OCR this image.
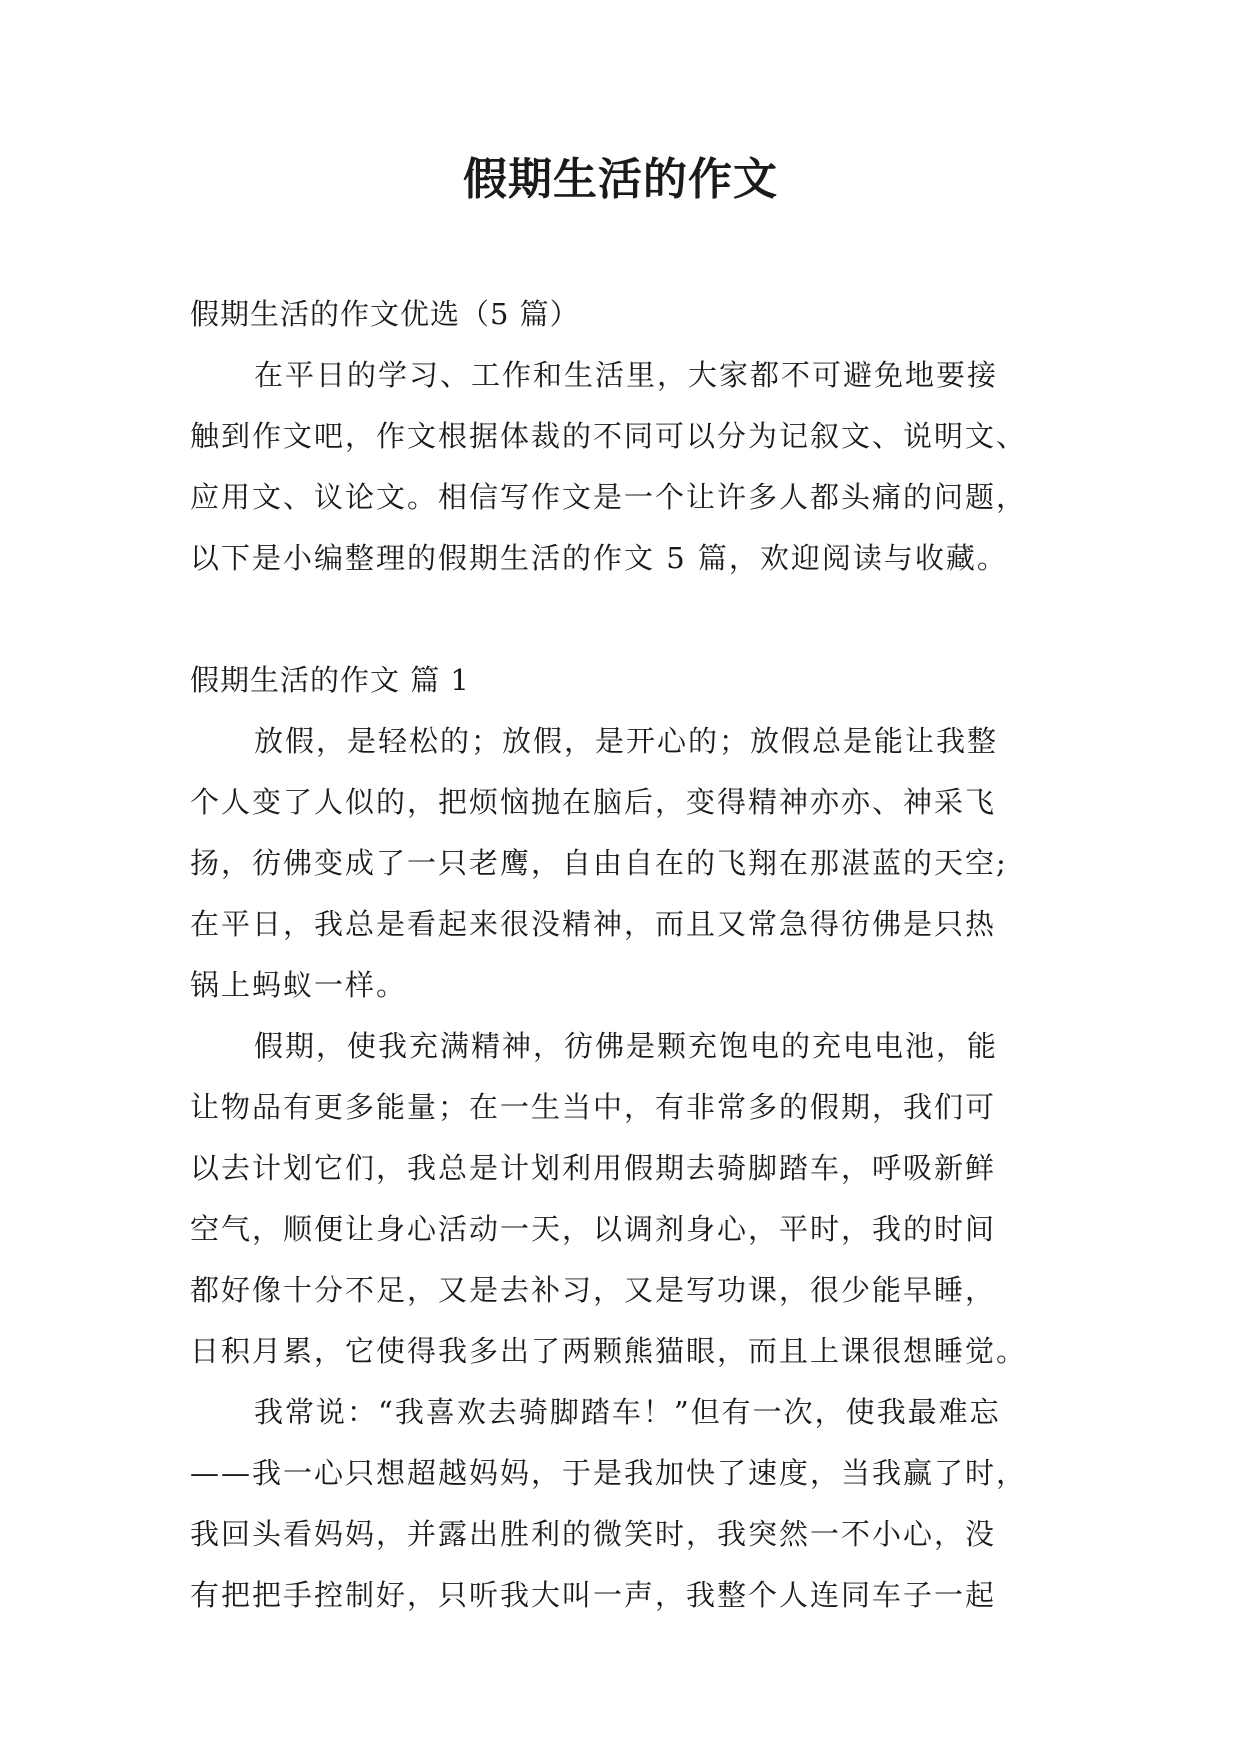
假期生活的作文
假期生活的作文优选（5 篇）
在平日的学习、工作和生活里，大家都不可避免地要接
触到作文吧，作文根据体裁的不同可以分为记叙文、说明文、
应用文、议论文。相信写作文是一个让许多人都头痛的问题，
以下是小编整理的假期生活的作文 5 篇，欢迎阅读与收藏。
假期生活的作文 篇 1
放假，是轻松的；放假，是开心的；放假总是能让我整
个人变了人似的，把烦恼抛在脑后，变得精神亦亦、神采飞
扬，彷佛变成了一只老鹰，自由自在的飞翔在那湛蓝的天空;
在平日，我总是看起来很没精神，而且又常急得彷佛是只热
锅上蚂蚁一样。
假期，使我充满精神，彷佛是颗充饱电的充电电池，能
让物品有更多能量；在一生当中，有非常多的假期，我们可
以去计划它们，我总是计划利用假期去骑脚踏车，呼吸新鲜
空气，顺便让身心活动一天，以调剂身心，平时，我的时间
都好像十分不足，又是去补习，又是写功课，很少能早睡，
日积月累，它使得我多出了两颗熊猫眼，而且上课很想睡觉。
我常说：“我喜欢去骑脚踏车！”但有一次，使我最难忘
——我一心只想超越妈妈，于是我加快了速度，当我赢了时，
我回头看妈妈，并露出胜利的微笑时，我突然一不小心，没
有把把手控制好，只听我大叫一声，我整个人连同车子一起
